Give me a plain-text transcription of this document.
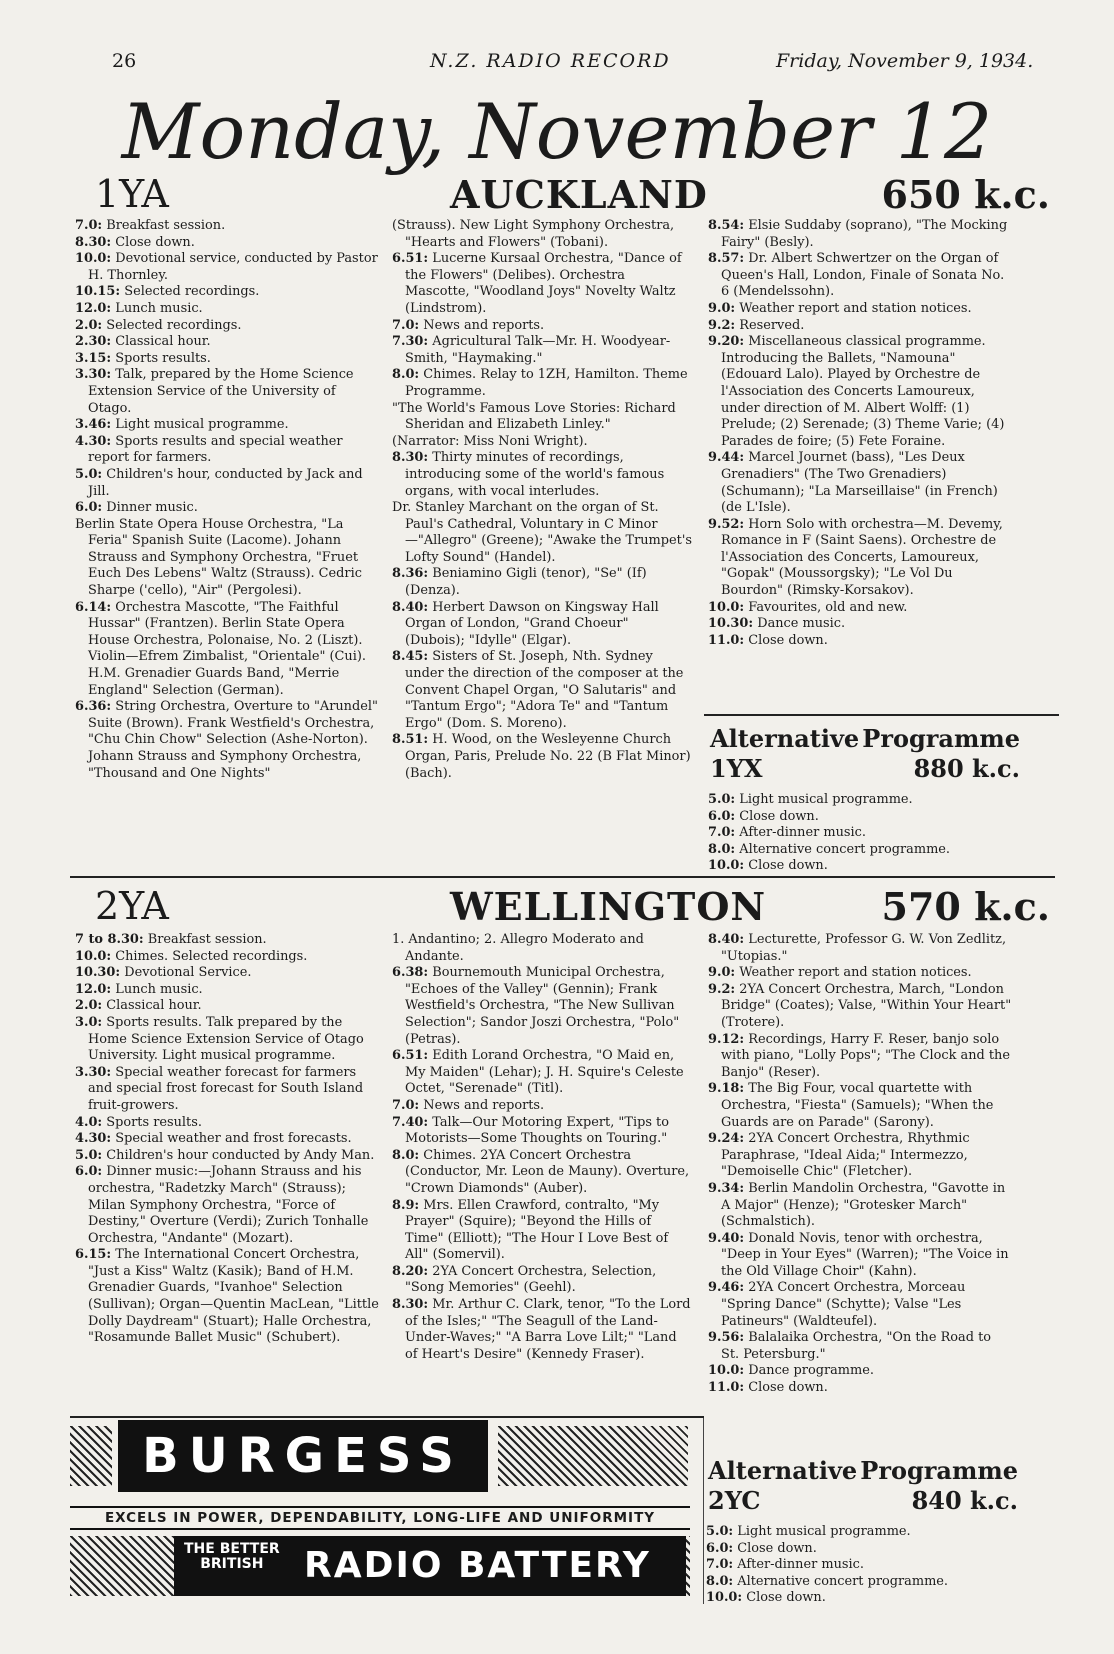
26	N.Z. RADIO RECORD	Friday, November 9, 1934.
Monday, November 12
1YA	AUCKLAND	650 k.c.
7.0: Breakfast session.
8.30: Close down.
10.0: Devotional service, conducted by Pastor H. Thornley.
10.15: Selected recordings.
12.0: Lunch music.
2.0: Selected recordings.
2.30: Classical hour.
3.15: Sports results.
3.30: Talk, prepared by the Home Science Extension Service of the University of Otago.
3.46: Light musical programme.
4.30: Sports results and special weather report for farmers.
5.0: Children's hour, conducted by Jack and Jill.
6.0: Dinner music.
Berlin State Opera House Orchestra, "La Feria" Spanish Suite (Lacome). Johann Strauss and Symphony Orchestra, "Fruet Euch Des Lebens" Waltz (Strauss). Cedric Sharpe ('cello), "Air" (Pergolesi).
6.14: Orchestra Mascotte, "The Faithful Hussar" (Frantzen). Berlin State Opera House Orchestra, Polonaise, No. 2 (Liszt). Violin—Efrem Zimbalist, "Orientale" (Cui). H.M. Grenadier Guards Band, "Merrie England" Selection (German).
6.36: String Orchestra, Overture to "Arundel" Suite (Brown). Frank Westfield's Orchestra, "Chu Chin Chow" Selection (Ashe-Norton). Johann Strauss and Symphony Orchestra, "Thousand and One Nights"
(Strauss). New Light Symphony Orchestra, "Hearts and Flowers" (Tobani).
6.51: Lucerne Kursaal Orchestra, "Dance of the Flowers" (Delibes). Orchestra Mascotte, "Woodland Joys" Novelty Waltz (Lindstrom).
7.0: News and reports.
7.30: Agricultural Talk—Mr. H. Woodyear-Smith, "Haymaking."
8.0: Chimes. Relay to 1ZH, Hamilton. Theme Programme.
"The World's Famous Love Stories: Richard Sheridan and Elizabeth Linley."
(Narrator: Miss Noni Wright).
8.30: Thirty minutes of recordings, introducing some of the world's famous organs, with vocal interludes.
Dr. Stanley Marchant on the organ of St. Paul's Cathedral, Voluntary in C Minor—"Allegro" (Greene); "Awake the Trumpet's Lofty Sound" (Handel).
8.36: Beniamino Gigli (tenor), "Se" (If) (Denza).
8.40: Herbert Dawson on Kingsway Hall Organ of London, "Grand Choeur" (Dubois); "Idylle" (Elgar).
8.45: Sisters of St. Joseph, Nth. Sydney under the direction of the composer at the Convent Chapel Organ, "O Salutaris" and "Tantum Ergo"; "Adora Te" and "Tantum Ergo" (Dom. S. Moreno).
8.51: H. Wood, on the Wesleyenne Church Organ, Paris, Prelude No. 22 (B Flat Minor) (Bach).
8.54: Elsie Suddaby (soprano), "The Mocking Fairy" (Besly).
8.57: Dr. Albert Schwertzer on the Organ of Queen's Hall, London, Finale of Sonata No. 6 (Mendelssohn).
9.0: Weather report and station notices.
9.2: Reserved.
9.20: Miscellaneous classical programme. Introducing the Ballets, "Namouna" (Edouard Lalo). Played by Orchestre de l'Association des Concerts Lamoureux, under direction of M. Albert Wolff: (1) Prelude; (2) Serenade; (3) Theme Varie; (4) Parades de foire; (5) Fete Foraine.
9.44: Marcel Journet (bass), "Les Deux Grenadiers" (The Two Grenadiers) (Schumann); "La Marseillaise" (in French) (de L'Isle).
9.52: Horn Solo with orchestra—M. Devemy, Romance in F (Saint Saens). Orchestre de l'Association des Concerts, Lamoureux, "Gopak" (Moussorgsky); "Le Vol Du Bourdon" (Rimsky-Korsakov).
10.0: Favourites, old and new.
10.30: Dance music.
11.0: Close down.
Alternative Programme
1YX	880 k.c.
5.0: Light musical programme.
6.0: Close down.
7.0: After-dinner music.
8.0: Alternative concert programme.
10.0: Close down.
2YA	WELLINGTON	570 k.c.
7 to 8.30: Breakfast session.
10.0: Chimes. Selected recordings.
10.30: Devotional Service.
12.0: Lunch music.
2.0: Classical hour.
3.0: Sports results. Talk prepared by the Home Science Extension Service of Otago University. Light musical programme.
3.30: Special weather forecast for farmers and special frost forecast for South Island fruit-growers.
4.0: Sports results.
4.30: Special weather and frost forecasts.
5.0: Children's hour conducted by Andy Man.
6.0: Dinner music:—Johann Strauss and his orchestra, "Radetzky March" (Strauss); Milan Symphony Orchestra, "Force of Destiny," Overture (Verdi); Zurich Tonhalle Orchestra, "Andante" (Mozart).
6.15: The International Concert Orchestra, "Just a Kiss" Waltz (Kasik); Band of H.M. Grenadier Guards, "Ivanhoe" Selection (Sullivan); Organ—Quentin MacLean, "Little Dolly Daydream" (Stuart); Halle Orchestra, "Rosamunde Ballet Music" (Schubert).
1. Andantino; 2. Allegro Moderato and Andante.
6.38: Bournemouth Municipal Orchestra, "Echoes of the Valley" (Gennin); Frank Westfield's Orchestra, "The New Sullivan Selection"; Sandor Joszi Orchestra, "Polo" (Petras).
6.51: Edith Lorand Orchestra, "O Maid en, My Maiden" (Lehar); J. H. Squire's Celeste Octet, "Serenade" (Titl).
7.0: News and reports.
7.40: Talk—Our Motoring Expert, "Tips to Motorists—Some Thoughts on Touring."
8.0: Chimes. 2YA Concert Orchestra (Conductor, Mr. Leon de Mauny). Overture, "Crown Diamonds" (Auber).
8.9: Mrs. Ellen Crawford, contralto, "My Prayer" (Squire); "Beyond the Hills of Time" (Elliott); "The Hour I Love Best of All" (Somervil).
8.20: 2YA Concert Orchestra, Selection, "Song Memories" (Geehl).
8.30: Mr. Arthur C. Clark, tenor, "To the Lord of the Isles;" "The Seagull of the Land-Under-Waves;" "A Barra Love Lilt;" "Land of Heart's Desire" (Kennedy Fraser).
8.40: Lecturette, Professor G. W. Von Zedlitz, "Utopias."
9.0: Weather report and station notices.
9.2: 2YA Concert Orchestra, March, "London Bridge" (Coates); Valse, "Within Your Heart" (Trotere).
9.12: Recordings, Harry F. Reser, banjo solo with piano, "Lolly Pops"; "The Clock and the Banjo" (Reser).
9.18: The Big Four, vocal quartette with Orchestra, "Fiesta" (Samuels); "When the Guards are on Parade" (Sarony).
9.24: 2YA Concert Orchestra, Rhythmic Paraphrase, "Ideal Aida;" Intermezzo, "Demoiselle Chic" (Fletcher).
9.34: Berlin Mandolin Orchestra, "Gavotte in A Major" (Henze); "Grotesker March" (Schmalstich).
9.40: Donald Novis, tenor with orchestra, "Deep in Your Eyes" (Warren); "The Voice in the Old Village Choir" (Kahn).
9.46: 2YA Concert Orchestra, Morceau "Spring Dance" (Schytte); Valse "Les Patineurs" (Waldteufel).
9.56: Balalaika Orchestra, "On the Road to St. Petersburg."
10.0: Dance programme.
11.0: Close down.
Alternative Programme
2YC	840 k.c.
5.0: Light musical programme.
6.0: Close down.
7.0: After-dinner music.
8.0: Alternative concert programme.
10.0: Close down.
BURGESS
EXCELS IN POWER, DEPENDABILITY, LONG-LIFE AND UNIFORMITY
THE BETTER
BRITISH	RADIO BATTERY
